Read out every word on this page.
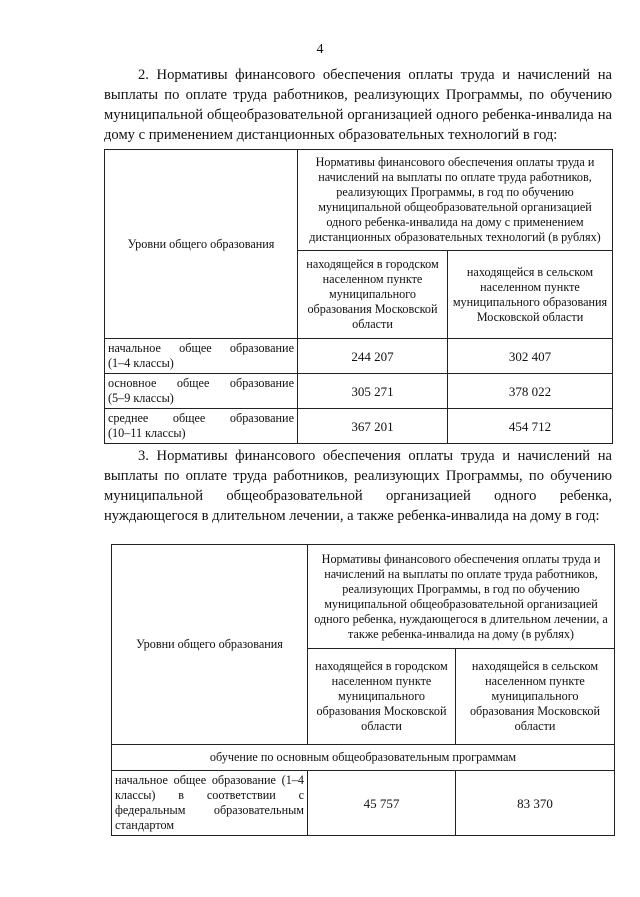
4
2. Нормативы финансового обеспечения оплаты труда и начислений на выплаты по оплате труда работников, реализующих Программы, по обучению муниципальной общеобразовательной организацией одного ребенка-инвалида на дому с применением дистанционных образовательных технологий в год:
Уровни общего образования	Нормативы финансового обеспечения оплаты труда и начислений на выплаты по оплате труда работников, реализующих Программы, в год по обучению муниципальной общеобразовательной организацией одного ребенка-инвалида на дому с применением дистанционных образовательных технологий (в рублях)	
	находящейся в городском населенном пункте муниципального образования Московской области	находящейся в сельском населенном пункте муниципального образования Московской области
начальное общее образование
(1–4 классы)	244 207	302 407
основное общее образование
(5–9 классы)	305 271	378 022
среднее общее образование
(10–11 классы)	367 201	454 712
3. Нормативы финансового обеспечения оплаты труда и начислений на выплаты по оплате труда работников, реализующих Программы, по обучению муниципальной общеобразовательной организацией одного ребенка, нуждающегося в длительном лечении, а также ребенка-инвалида на дому в год:
Уровни общего образования	Нормативы финансового обеспечения оплаты труда и начислений на выплаты по оплате труда работников, реализующих Программы, в год по обучению муниципальной общеобразовательной организацией одного ребенка, нуждающегося в длительном лечении, а также ребенка-инвалида на дому (в рублях)	
	находящейся в городском населенном пункте муниципального образования Московской области	находящейся в сельском населенном пункте муниципального образования Московской области
обучение по основным общеобразовательным программам		
начальное общее образование (1–4 классы) в соответствии с федеральным образовательным
стандартом	45 757	83 370
